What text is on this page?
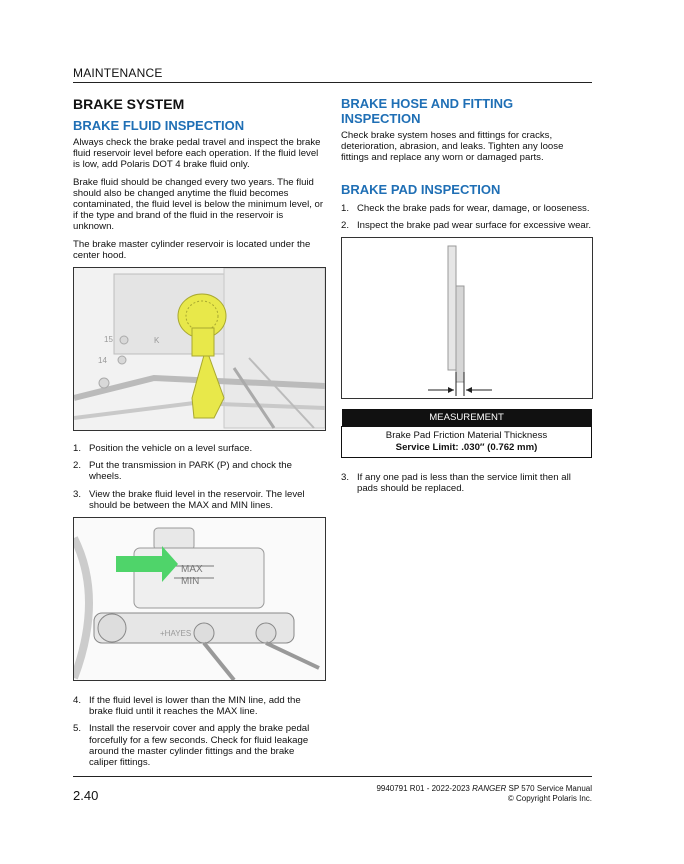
MAINTENANCE
BRAKE SYSTEM
BRAKE FLUID INSPECTION

Always check the brake pedal travel and inspect the brake fluid reservoir level before each operation. If the fluid level is low, add Polaris DOT 4 brake fluid only.

Brake fluid should be changed every two years. The fluid should also be changed anytime the fluid becomes contaminated, the fluid level is below the minimum level, or if the type and brand of the fluid in the reservoir is unknown.

The brake master cylinder reservoir is located under the center hood.

15
14
K
1. Position the vehicle on a level surface.
2. Put the transmission in PARK (P) and chock the wheels.
3. View the brake fluid level in the reservoir. The level should be between the MAX and MIN lines.
MAX
MIN
+HAYES
4. If the fluid level is lower than the MIN line, add the brake fluid until it reaches the MAX line.
5. Install the reservoir cover and apply the brake pedal forcefully for a few seconds. Check for fluid leakage around the master cylinder fittings and the brake caliper fittings.
BRAKE HOSE AND FITTING INSPECTION

Check brake system hoses and fittings for cracks, deterioration, abrasion, and leaks. Tighten any loose fittings and replace any worn or damaged parts.

BRAKE PAD INSPECTION
1. Check the brake pads for wear, damage, or looseness.
2. Inspect the brake pad wear surface for excessive wear.
MEASUREMENT

Brake Pad Friction Material Thickness
Service Limit: .030″ (0.762 mm)
3. If any one pad is less than the service limit then all pads should be replaced.
2.40	9940791 R01 - 2022-2023 RANGER SP 570 Service Manual
© Copyright Polaris Inc.
